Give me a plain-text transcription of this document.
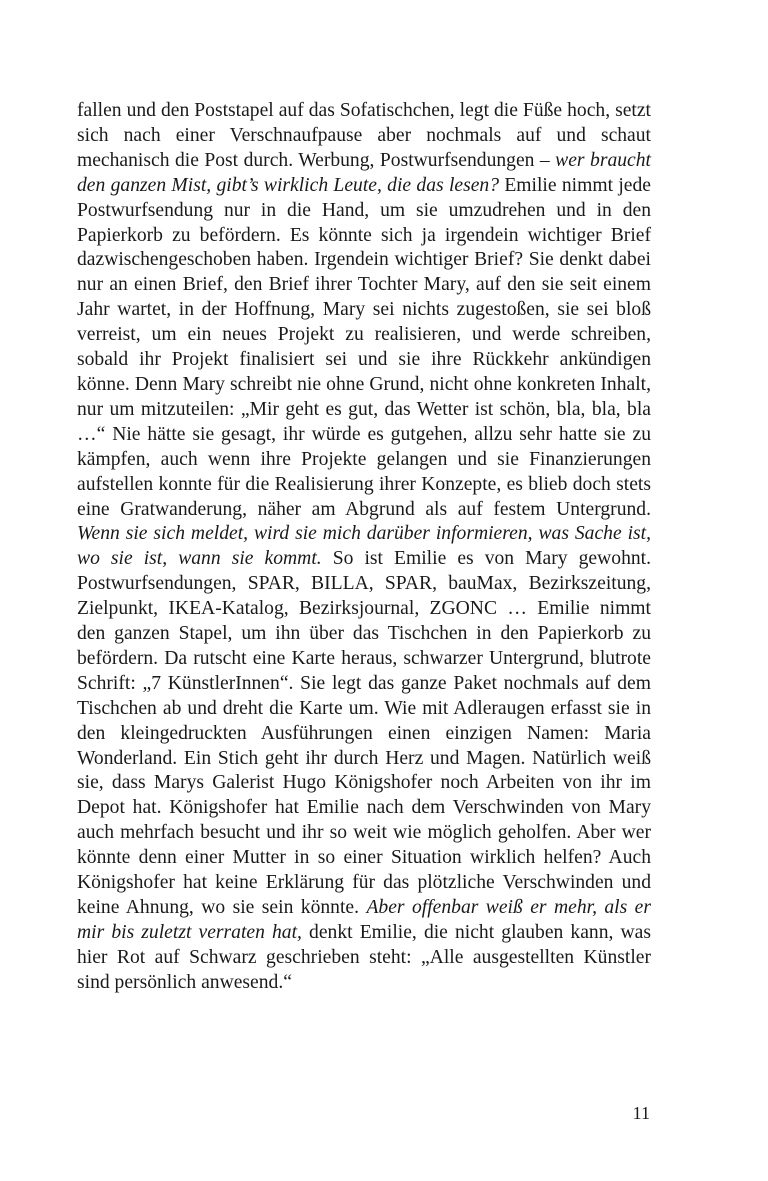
fallen und den Poststapel auf das Sofatischchen, legt die Füße hoch, setzt sich nach einer Verschnaufpause aber nochmals auf und schaut mechanisch die Post durch. Werbung, Postwurfsendungen – wer braucht den ganzen Mist, gibt’s wirklich Leute, die das lesen? Emilie nimmt jede Postwurfsendung nur in die Hand, um sie umzudrehen und in den Papierkorb zu befördern. Es könnte sich ja irgendein wichtiger Brief dazwischengeschoben haben. Irgendein wichtiger Brief? Sie denkt dabei nur an einen Brief, den Brief ihrer Tochter Mary, auf den sie seit einem Jahr wartet, in der Hoffnung, Mary sei nichts zugestoßen, sie sei bloß verreist, um ein neues Projekt zu realisieren, und werde schreiben, sobald ihr Projekt finalisiert sei und sie ihre Rückkehr ankündigen könne. Denn Mary schreibt nie ohne Grund, nicht ohne konkreten Inhalt, nur um mitzuteilen: „Mir geht es gut, das Wetter ist schön, bla, bla, bla …“ Nie hätte sie gesagt, ihr würde es gutgehen, allzu sehr hatte sie zu kämpfen, auch wenn ihre Projekte gelangen und sie Finanzierungen aufstellen konnte für die Realisierung ihrer Konzepte, es blieb doch stets eine Gratwanderung, näher am Abgrund als auf festem Untergrund. Wenn sie sich meldet, wird sie mich darüber informieren, was Sache ist, wo sie ist, wann sie kommt. So ist Emilie es von Mary gewohnt. Postwurfsendungen, SPAR, BILLA, SPAR, bauMax, Bezirkszeitung, Zielpunkt, IKEA-Katalog, Bezirksjournal, ZGONC … Emilie nimmt den ganzen Stapel, um ihn über das Tischchen in den Papierkorb zu befördern. Da rutscht eine Karte heraus, schwarzer Untergrund, blutrote Schrift: „7 KünstlerInnen“. Sie legt das ganze Paket nochmals auf dem Tischchen ab und dreht die Karte um. Wie mit Adleraugen erfasst sie in den kleingedruckten Ausführungen einen einzigen Namen: Maria Wonderland. Ein Stich geht ihr durch Herz und Magen. Natürlich weiß sie, dass Marys Galerist Hugo Königshofer noch Arbeiten von ihr im Depot hat. Königshofer hat Emilie nach dem Verschwinden von Mary auch mehrfach besucht und ihr so weit wie möglich geholfen. Aber wer könnte denn einer Mutter in so einer Situation wirklich helfen? Auch Königshofer hat keine Erklärung für das plötzliche Verschwinden und keine Ahnung, wo sie sein könnte. Aber offenbar weiß er mehr, als er mir bis zuletzt verraten hat, denkt Emilie, die nicht glauben kann, was hier Rot auf Schwarz geschrieben steht: „Alle ausgestellten Künstler sind persönlich anwesend.“

11
